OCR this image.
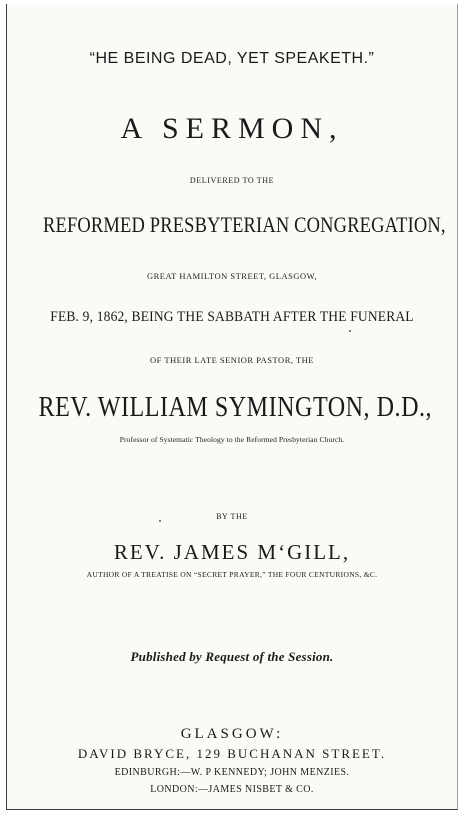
“HE BEING DEAD, YET SPEAKETH.”
A SERMON,
DELIVERED TO THE
REFORMED PRESBYTERIAN CONGREGATION,
GREAT HAMILTON STREET, GLASGOW,
FEB. 9, 1862, BEING THE SABBATH AFTER THE FUNERAL
OF THEIR LATE SENIOR PASTOR, THE
REV. WILLIAM SYMINGTON, D.D.,
Professor of Systematic Theology to the Reformed Presbyterian Church.
BY THE
REV. JAMES M‘GILL,
AUTHOR OF A TREATISE ON “SECRET PRAYER,” THE FOUR CENTURIONS, &C.
Published by Request of the Session.
GLASGOW:
DAVID BRYCE, 129 BUCHANAN STREET.
EDINBURGH:—W. P KENNEDY; JOHN MENZIES.
LONDON:—JAMES NISBET & CO.
